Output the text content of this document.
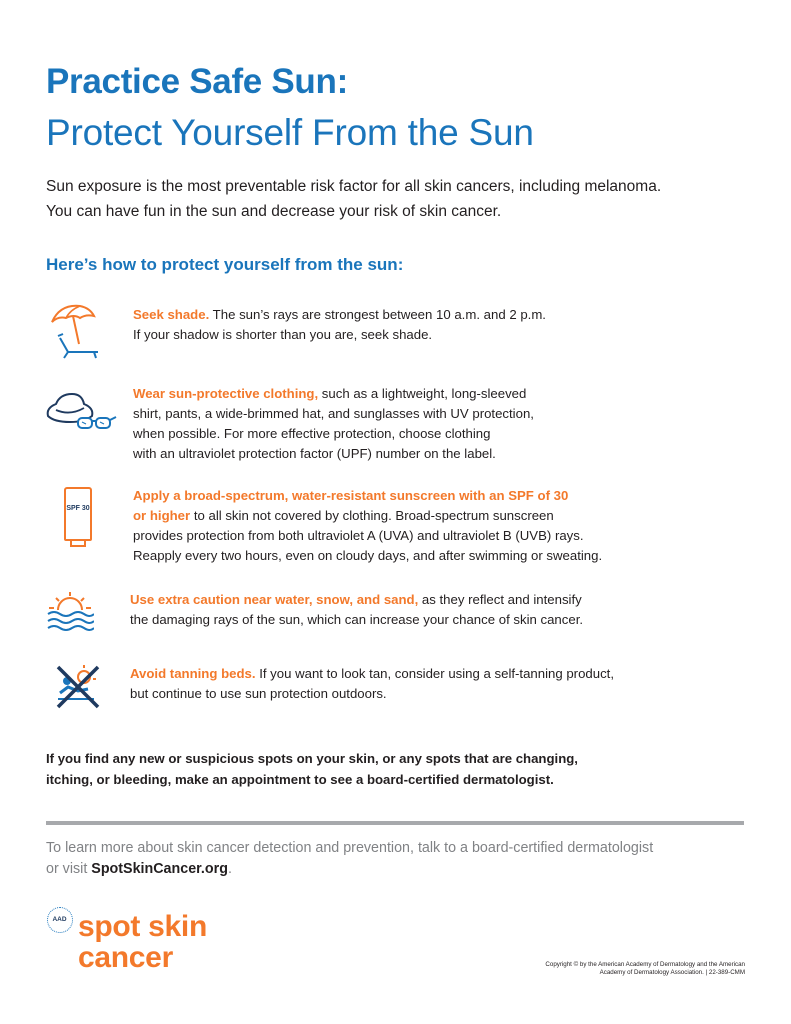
Practice Safe Sun:
Protect Yourself From the Sun
Sun exposure is the most preventable risk factor for all skin cancers, including melanoma.
You can have fun in the sun and decrease your risk of skin cancer.
Here’s how to protect yourself from the sun:
Seek shade. The sun’s rays are strongest between 10 a.m. and 2 p.m.
If your shadow is shorter than you are, seek shade.
Wear sun-protective clothing, such as a lightweight, long-sleeved
shirt, pants, a wide-brimmed hat, and sunglasses with UV protection,
when possible. For more effective protection, choose clothing
with an ultraviolet protection factor (UPF) number on the label.
SPF 30
Apply a broad-spectrum, water-resistant sunscreen with an SPF of 30
or higher to all skin not covered by clothing. Broad-spectrum sunscreen
provides protection from both ultraviolet A (UVA) and ultraviolet B (UVB) rays.
Reapply every two hours, even on cloudy days, and after swimming or sweating.
Use extra caution near water, snow, and sand, as they reflect and intensify
the damaging rays of the sun, which can increase your chance of skin cancer.
Avoid tanning beds. If you want to look tan, consider using a self-tanning product,
but continue to use sun protection outdoors.
If you find any new or suspicious spots on your skin, or any spots that are changing,
itching, or bleeding, make an appointment to see a board-certified dermatologist.
To learn more about skin cancer detection and prevention, talk to a board-certified dermatologist
or visit SpotSkinCancer.org.
AAD spot skin
cancer	Copyright © by the American Academy of Dermatology and the American
Academy of Dermatology Association. | 22-389-CMM
